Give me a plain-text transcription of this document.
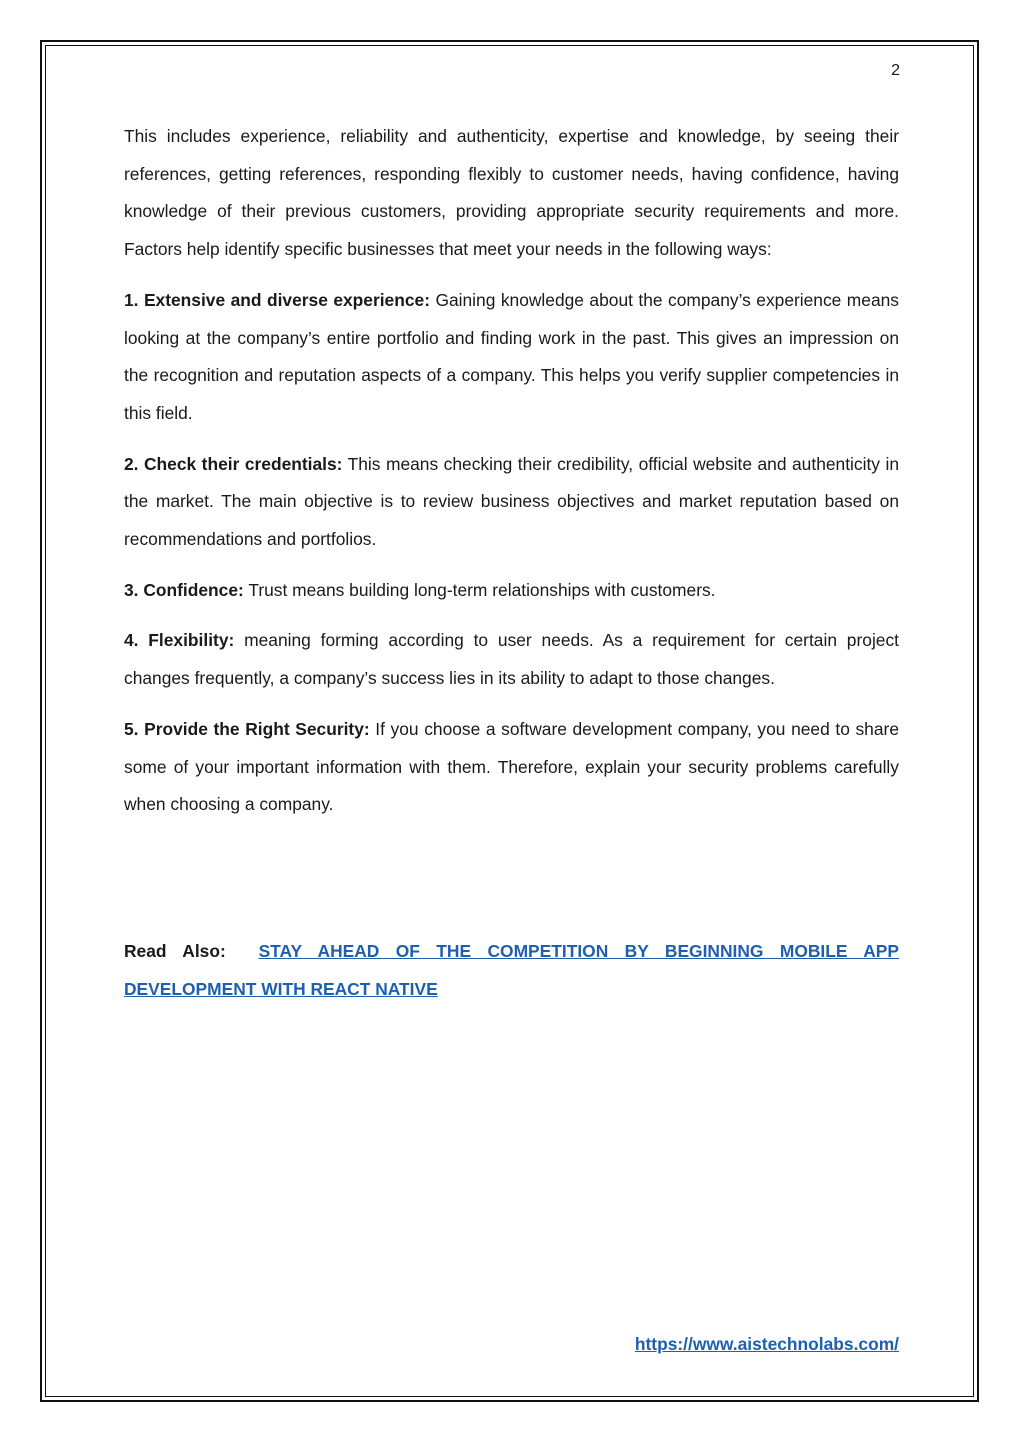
2

This includes experience, reliability and authenticity, expertise and knowledge, by seeing their references, getting references, responding flexibly to customer needs, having confidence, having knowledge of their previous customers, providing appropriate security requirements and more. Factors help identify specific businesses that meet your needs in the following ways:

1. Extensive and diverse experience: Gaining knowledge about the company’s experience means looking at the company’s entire portfolio and finding work in the past. This gives an impression on the recognition and reputation aspects of a company. This helps you verify supplier competencies in this field.

2. Check their credentials: This means checking their credibility, official website and authenticity in the market. The main objective is to review business objectives and market reputation based on recommendations and portfolios.

3. Confidence: Trust means building long-term relationships with customers.

4. Flexibility: meaning forming according to user needs. As a requirement for certain project changes frequently, a company’s success lies in its ability to adapt to those changes.

5. Provide the Right Security: If you choose a software development company, you need to share some of your important information with them. Therefore, explain your security problems carefully when choosing a company.

Read Also: STAY AHEAD OF THE COMPETITION BY BEGINNING MOBILE APP DEVELOPMENT WITH REACT NATIVE
https://www.aistechnolabs.com/
